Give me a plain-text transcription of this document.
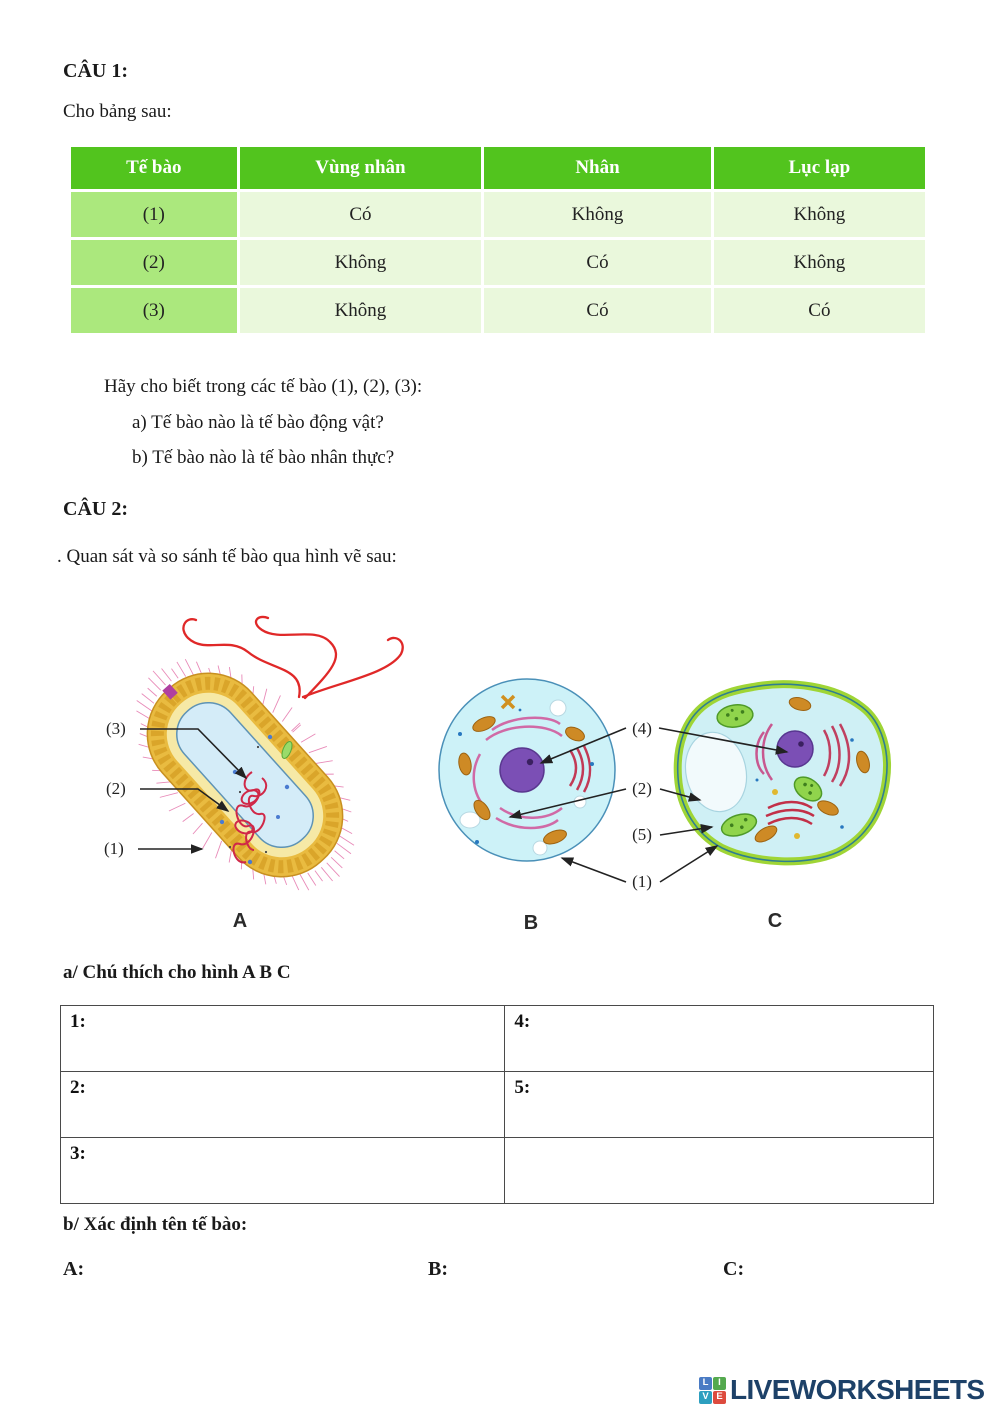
CÂU 1:
Cho bảng sau:
Tế bào	Vùng nhân	Nhân	Lục lạp
(1)	Có	Không	Không
(2)	Không	Có	Không
(3)	Không	Có	Có
Hãy cho biết trong các tế bào (1), (2), (3):
a) Tế bào nào là tế bào động vật?
b) Tế bào nào là tế bào nhân thực?
CÂU 2:
. Quan sát và so sánh tế bào qua hình vẽ sau:
(3)
(2)
(1)
(4)
(2)
(5)
(1)
A	B	C
a/ Chú thích cho hình A B C
1:	4:
2:	5:
3:	
b/ Xác định tên tế bào:
A:	B:	C:
L	I
V E LIVEWORKSHEETS
